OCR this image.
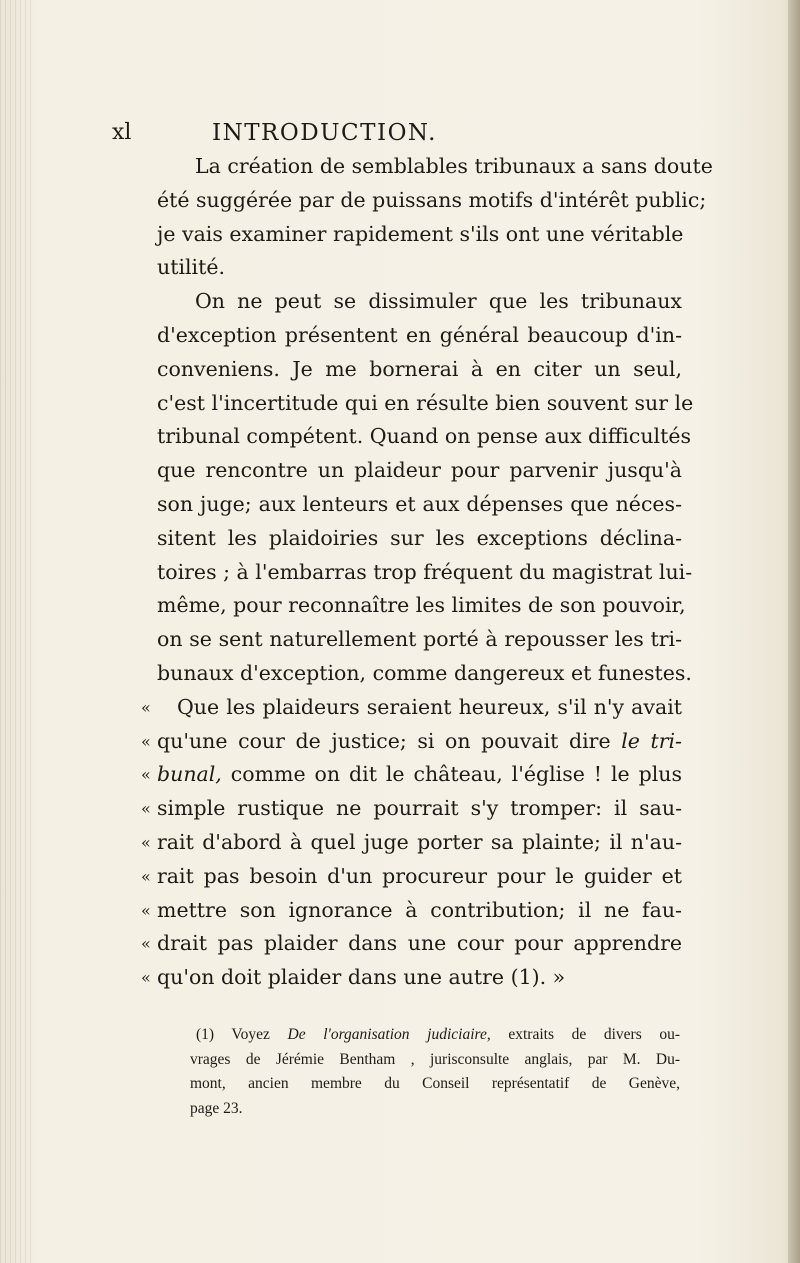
xl	INTRODUCTION.
La création de semblables tribunaux a sans doute
été suggérée par de puissans motifs d'intérêt public;
je vais examiner rapidement s'ils ont une véritable
utilité.
On ne peut se dissimuler que les tribunaux
d'exception présentent en général beaucoup d'in-
conveniens. Je me bornerai à en citer un seul,
c'est l'incertitude qui en résulte bien souvent sur le
tribunal compétent. Quand on pense aux difficultés
que rencontre un plaideur pour parvenir jusqu'à
son juge; aux lenteurs et aux dépenses que néces-
sitent les plaidoiries sur les exceptions déclina-
toires ; à l'embarras trop fréquent du magistrat lui-
même, pour reconnaître les limites de son pouvoir,
on se sent naturellement porté à repousser les tri-
bunaux d'exception, comme dangereux et funestes.
« Que les plaideurs seraient heureux, s'il n'y avait
« qu'une cour de justice; si on pouvait dire le tri-
« bunal, comme on dit le château, l'église ! le plus
« simple rustique ne pourrait s'y tromper: il sau-
« rait d'abord à quel juge porter sa plainte; il n'au-
« rait pas besoin d'un procureur pour le guider et
« mettre son ignorance à contribution; il ne fau-
« drait pas plaider dans une cour pour apprendre
« qu'on doit plaider dans une autre (1). »
(1) Voyez De l'organisation judiciaire, extraits de divers ou-
vrages de Jérémie Bentham , jurisconsulte anglais, par M. Du-
mont, ancien membre du Conseil représentatif de Genève,
page 23.
